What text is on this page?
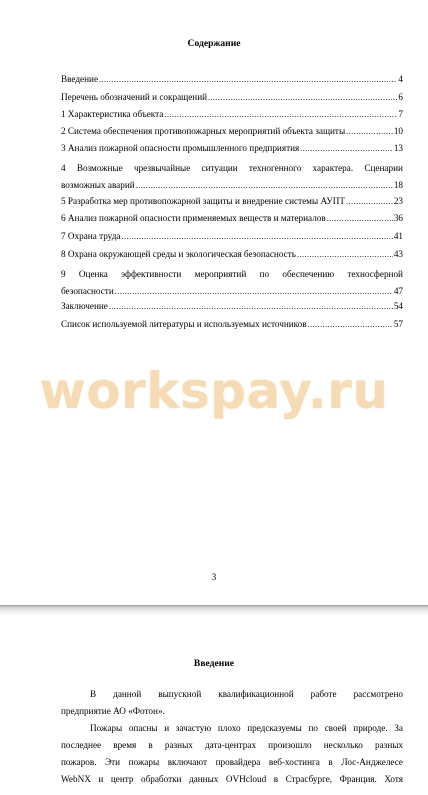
Содержание
Введение .....	4
Перечень обозначений и сокращений .....	6
1 Характеристика объекта .....	7
2 Система обеспечения противопожарных мероприятий объекта защиты .....	10
3 Анализ пожарной опасности промышленного предприятия .....	13
4 Возможные чрезвычайные ситуации техногенного характера. Сценарии
возможных аварий .....	18
5 Разработка мер противопожарной защиты и внедрение системы АУПТ .....	23
6 Анализ пожарной опасности применяемых веществ и материалов .....	36
7 Охрана труда .....	41
8 Охрана окружающей среды и экологическая безопасность .....	43
9 Оценка эффективности мероприятий по обеспечению техносферной
безопасности .....	47
Заключение .....	54
Список используемой литературы и используемых источников .....	57
workspay.ru
3
Введение
В данной выпускной квалификационной работе рассмотрено
предприятие АО «Фотон».
Пожары опасны и зачастую плохо предсказуемы по своей природе. За
последнее время в разных дата-центрах произошло несколько разных
пожаров. Эти пожары включают провайдера веб-хостинга в Лос-Анджелесе
WebNX и центр обработки данных OVHcloud в Страсбурге, Франция. Хотя
